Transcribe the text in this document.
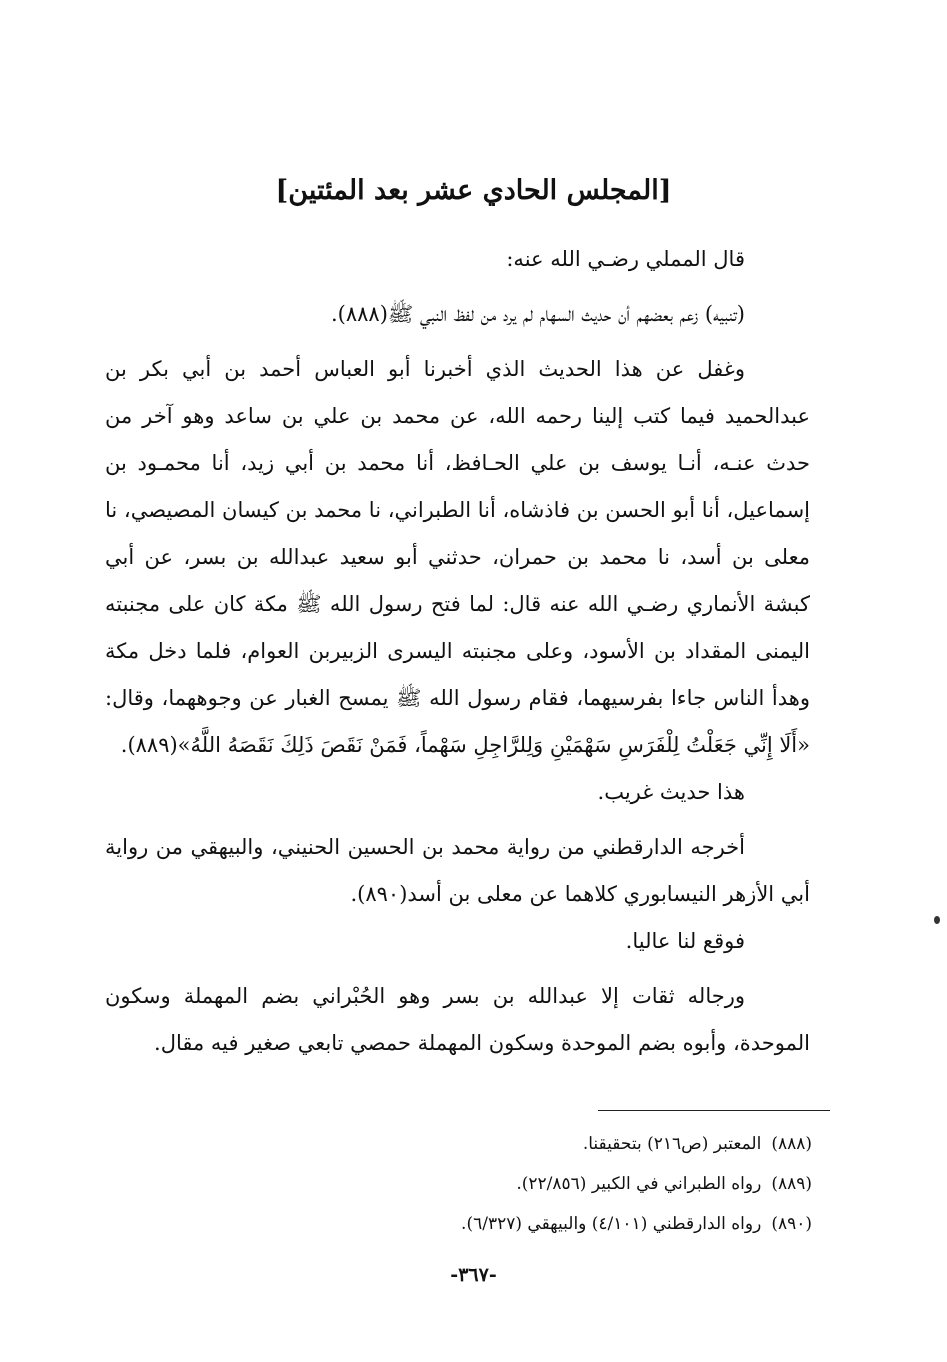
[المجلس الحادي عشر بعد المئتين]

قال المملي رضـي الله عنه:

(تنبيه) زعم بعضهم أن حديث السهام لم يرد من لفظ النبي ﷺ(٨٨٨).

وغفل عن هذا الحديث الذي أخبرنا أبو العباس أحمد بن أبي بكر بن عبدالحميد فيما كتب إلينا رحمه الله، عن محمد بن علي بن ساعد وهو آخر من حدث عنـه، أنـا يوسف بن علي الحـافظ، أنا محمد بن أبي زيد، أنا محمـود بن إسماعيل، أنا أبو الحسن بن فاذشاه، أنا الطبراني، نا محمد بن كيسان المصيصي، نا معلى بن أسد، نا محمد بن حمران، حدثني أبو سعيد عبدالله بن بسر، عن أبي كبشة الأنماري رضـي الله عنه قال: لما فتح رسول الله ﷺ مكة كان على مجنبته اليمنى المقداد بن الأسود، وعلى مجنبته اليسرى الزبيربن العوام، فلما دخل مكة وهدأ الناس جاءا بفرسيهما، فقام رسول الله ﷺ يمسح الغبار عن وجوههما، وقال: «أَلَا إِنِّي جَعَلْتُ لِلْفَرَسِ سَهْمَيْنِ وَلِلرَّاجِلِ سَهْماً، فَمَنْ نَقَصَ ذَلِكَ نَقَصَهُ اللَّهُ»(٨٨٩).

هذا حديث غريب.

أخرجه الدارقطني من رواية محمد بن الحسين الحنيني، والبيهقي من رواية أبي الأزهر النيسابوري كلاهما عن معلى بن أسد(٨٩٠).

فوقع لنا عاليا.

ورجاله ثقات إلا عبدالله بن بسر وهو الحُبْراني بضم المهملة وسكون الموحدة، وأبوه بضم الموحدة وسكون المهملة حمصي تابعي صغير فيه مقال.

(٨٨٨)المعتبر (ص٢١٦) بتحقيقنا.

(٨٨٩)رواه الطبراني في الكبير (٢٢/٨٥٦).

(٨٩٠)رواه الدارقطني (٤/١٠١) والبيهقي (٦/٣٢٧).

-٣٦٧-
